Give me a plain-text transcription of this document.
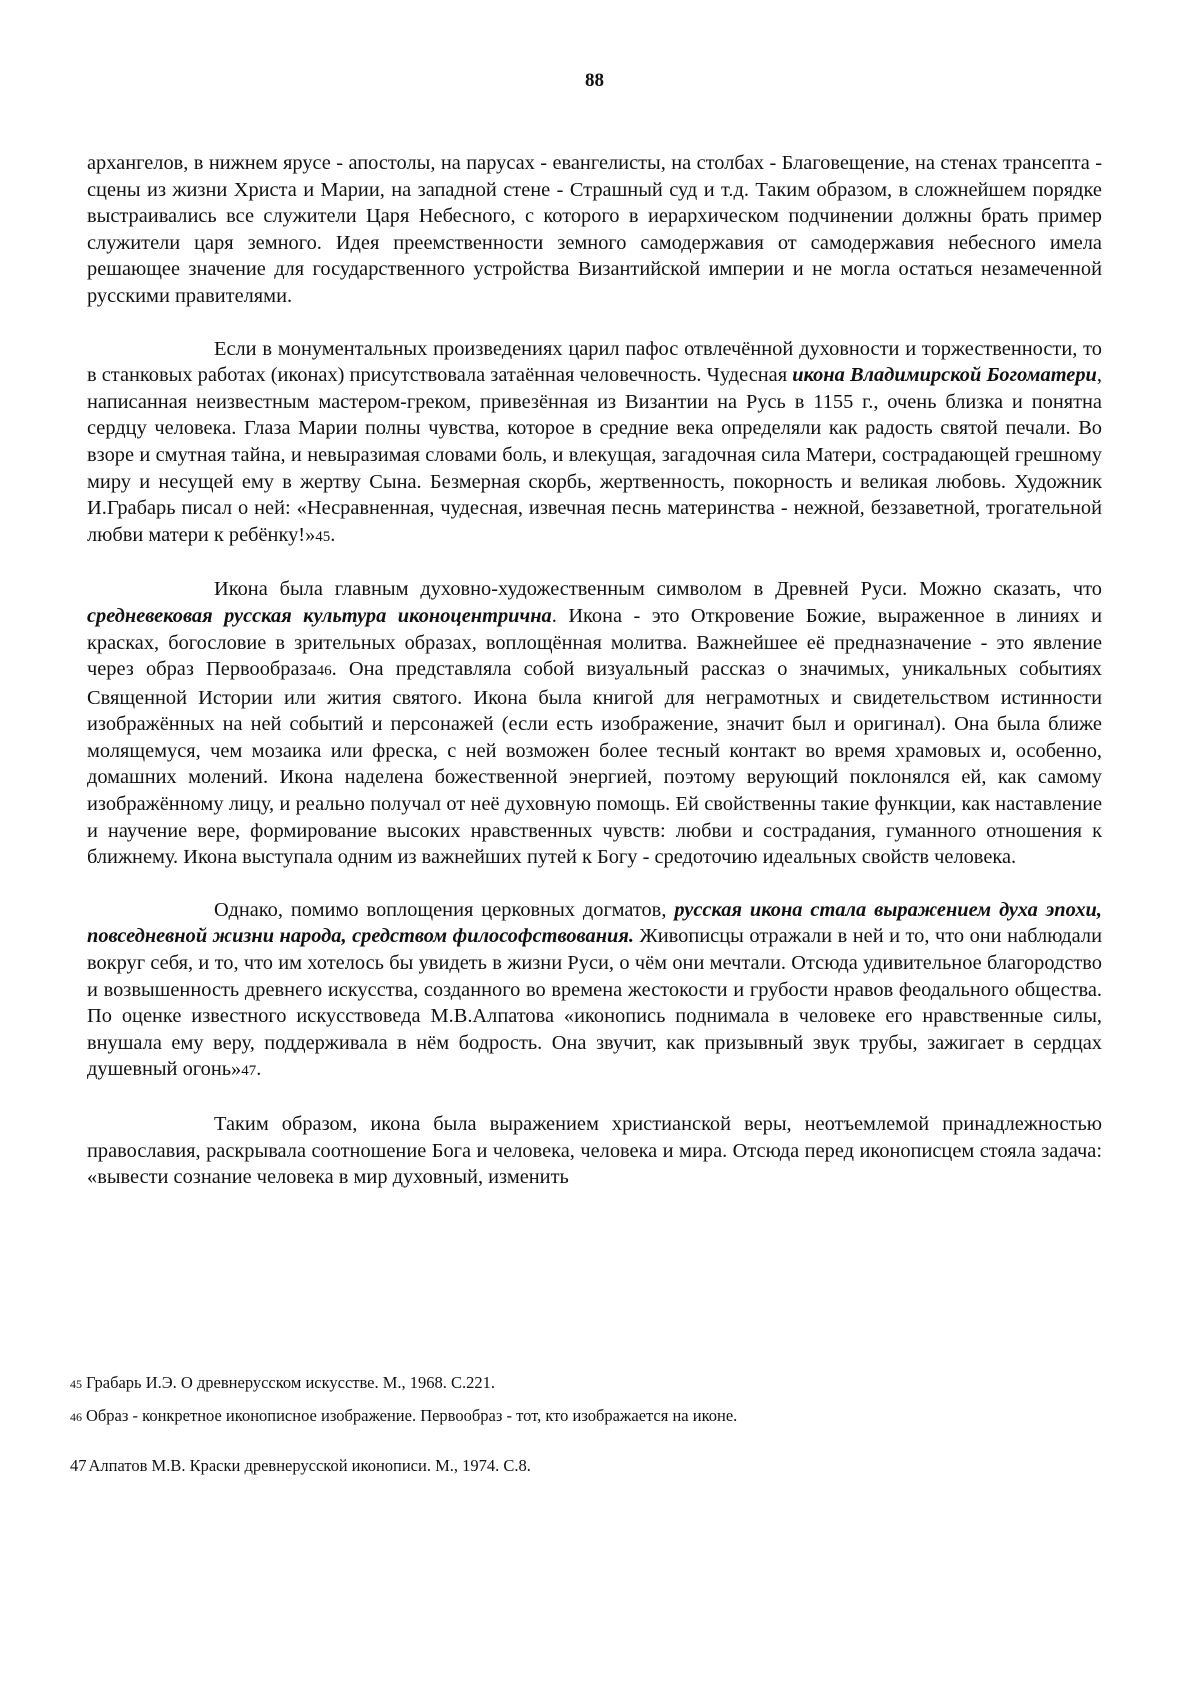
88

архангелов, в нижнем ярусе - апостолы, на парусах - евангелисты, на столбах - Благовещение, на стенах трансепта - сцены из жизни Христа и Марии, на западной стене - Страшный суд и т.д. Таким образом, в сложнейшем порядке выстраивались все служители Царя Небесного, с которого в иерархическом подчинении должны брать пример служители царя земного. Идея преемственности земного самодержавия от самодержавия небесного имела решающее значение для государственного устройства Византийской империи и не могла остаться незамеченной русскими правителями.

Если в монументальных произведениях царил пафос отвлечённой духовности и торжественности, то в станковых работах (иконах) присутствовала затаённая человечность. Чудесная икона Владимирской Богоматери, написанная неизвестным мастером-греком, привезённая из Византии на Русь в 1155 г., очень близка и понятна сердцу человека. Глаза Марии полны чувства, которое в средние века определяли как радость святой печали. Во взоре и смутная тайна, и невыразимая словами боль, и влекущая, загадочная сила Матери, сострадающей грешному миру и несущей ему в жертву Сына. Безмерная скорбь, жертвенность, покорность и великая любовь. Художник И.Грабарь писал о ней: «Несравненная, чудесная, извечная песнь материнства - нежной, беззаветной, трогательной любви матери к ребёнку!»45.

Икона была главным духовно-художественным символом в Древней Руси. Можно сказать, что средневековая русская культура иконоцентрична. Икона - это Откровение Божие, выраженное в линиях и красках, богословие в зрительных образах, воплощённая молитва. Важнейшее её предназначение - это явление через образ Первообраза46. Она представляла собой визуальный рассказ о значимых, уникальных событиях Священной Истории или жития святого. Икона была книгой для неграмотных и свидетельством истинности изображённых на ней событий и персонажей (если есть изображение, значит был и оригинал). Она была ближе молящемуся, чем мозаика или фреска, с ней возможен более тесный контакт во время храмовых и, особенно, домашних молений. Икона наделена божественной энергией, поэтому верующий поклонялся ей, как самому изображённому лицу, и реально получал от неё духовную помощь. Ей свойственны такие функции, как наставление и научение вере, формирование высоких нравственных чувств: любви и сострадания, гуманного отношения к ближнему. Икона выступала одним из важнейших путей к Богу - средоточию идеальных свойств человека.

Однако, помимо воплощения церковных догматов, русская икона стала выражением духа эпохи, повседневной жизни народа, средством философствования. Живописцы отражали в ней и то, что они наблюдали вокруг себя, и то, что им хотелось бы увидеть в жизни Руси, о чём они мечтали. Отсюда удивительное благородство и возвышенность древнего искусства, созданного во времена жестокости и грубости нравов феодального общества. По оценке известного искусствоведа М.В.Алпатова «иконопись поднимала в человеке его нравственные силы, внушала ему веру, поддерживала в нём бодрость. Она звучит, как призывный звук трубы, зажигает в сердцах душевный огонь»47.

Таким образом, икона была выражением христианской веры, неотъемлемой принадлежностью православия, раскрывала соотношение Бога и человека, человека и мира. Отсюда перед иконописцем стояла задача: «вывести сознание человека в мир духовный, изменить

45 Грабарь И.Э. О древнерусском искусстве. М., 1968. С.221.
46 Образ - конкретное иконописное изображение. Первообраз - тот, кто изображается на иконе.
47 Алпатов М.В. Краски древнерусской иконописи. М., 1974. С.8.
